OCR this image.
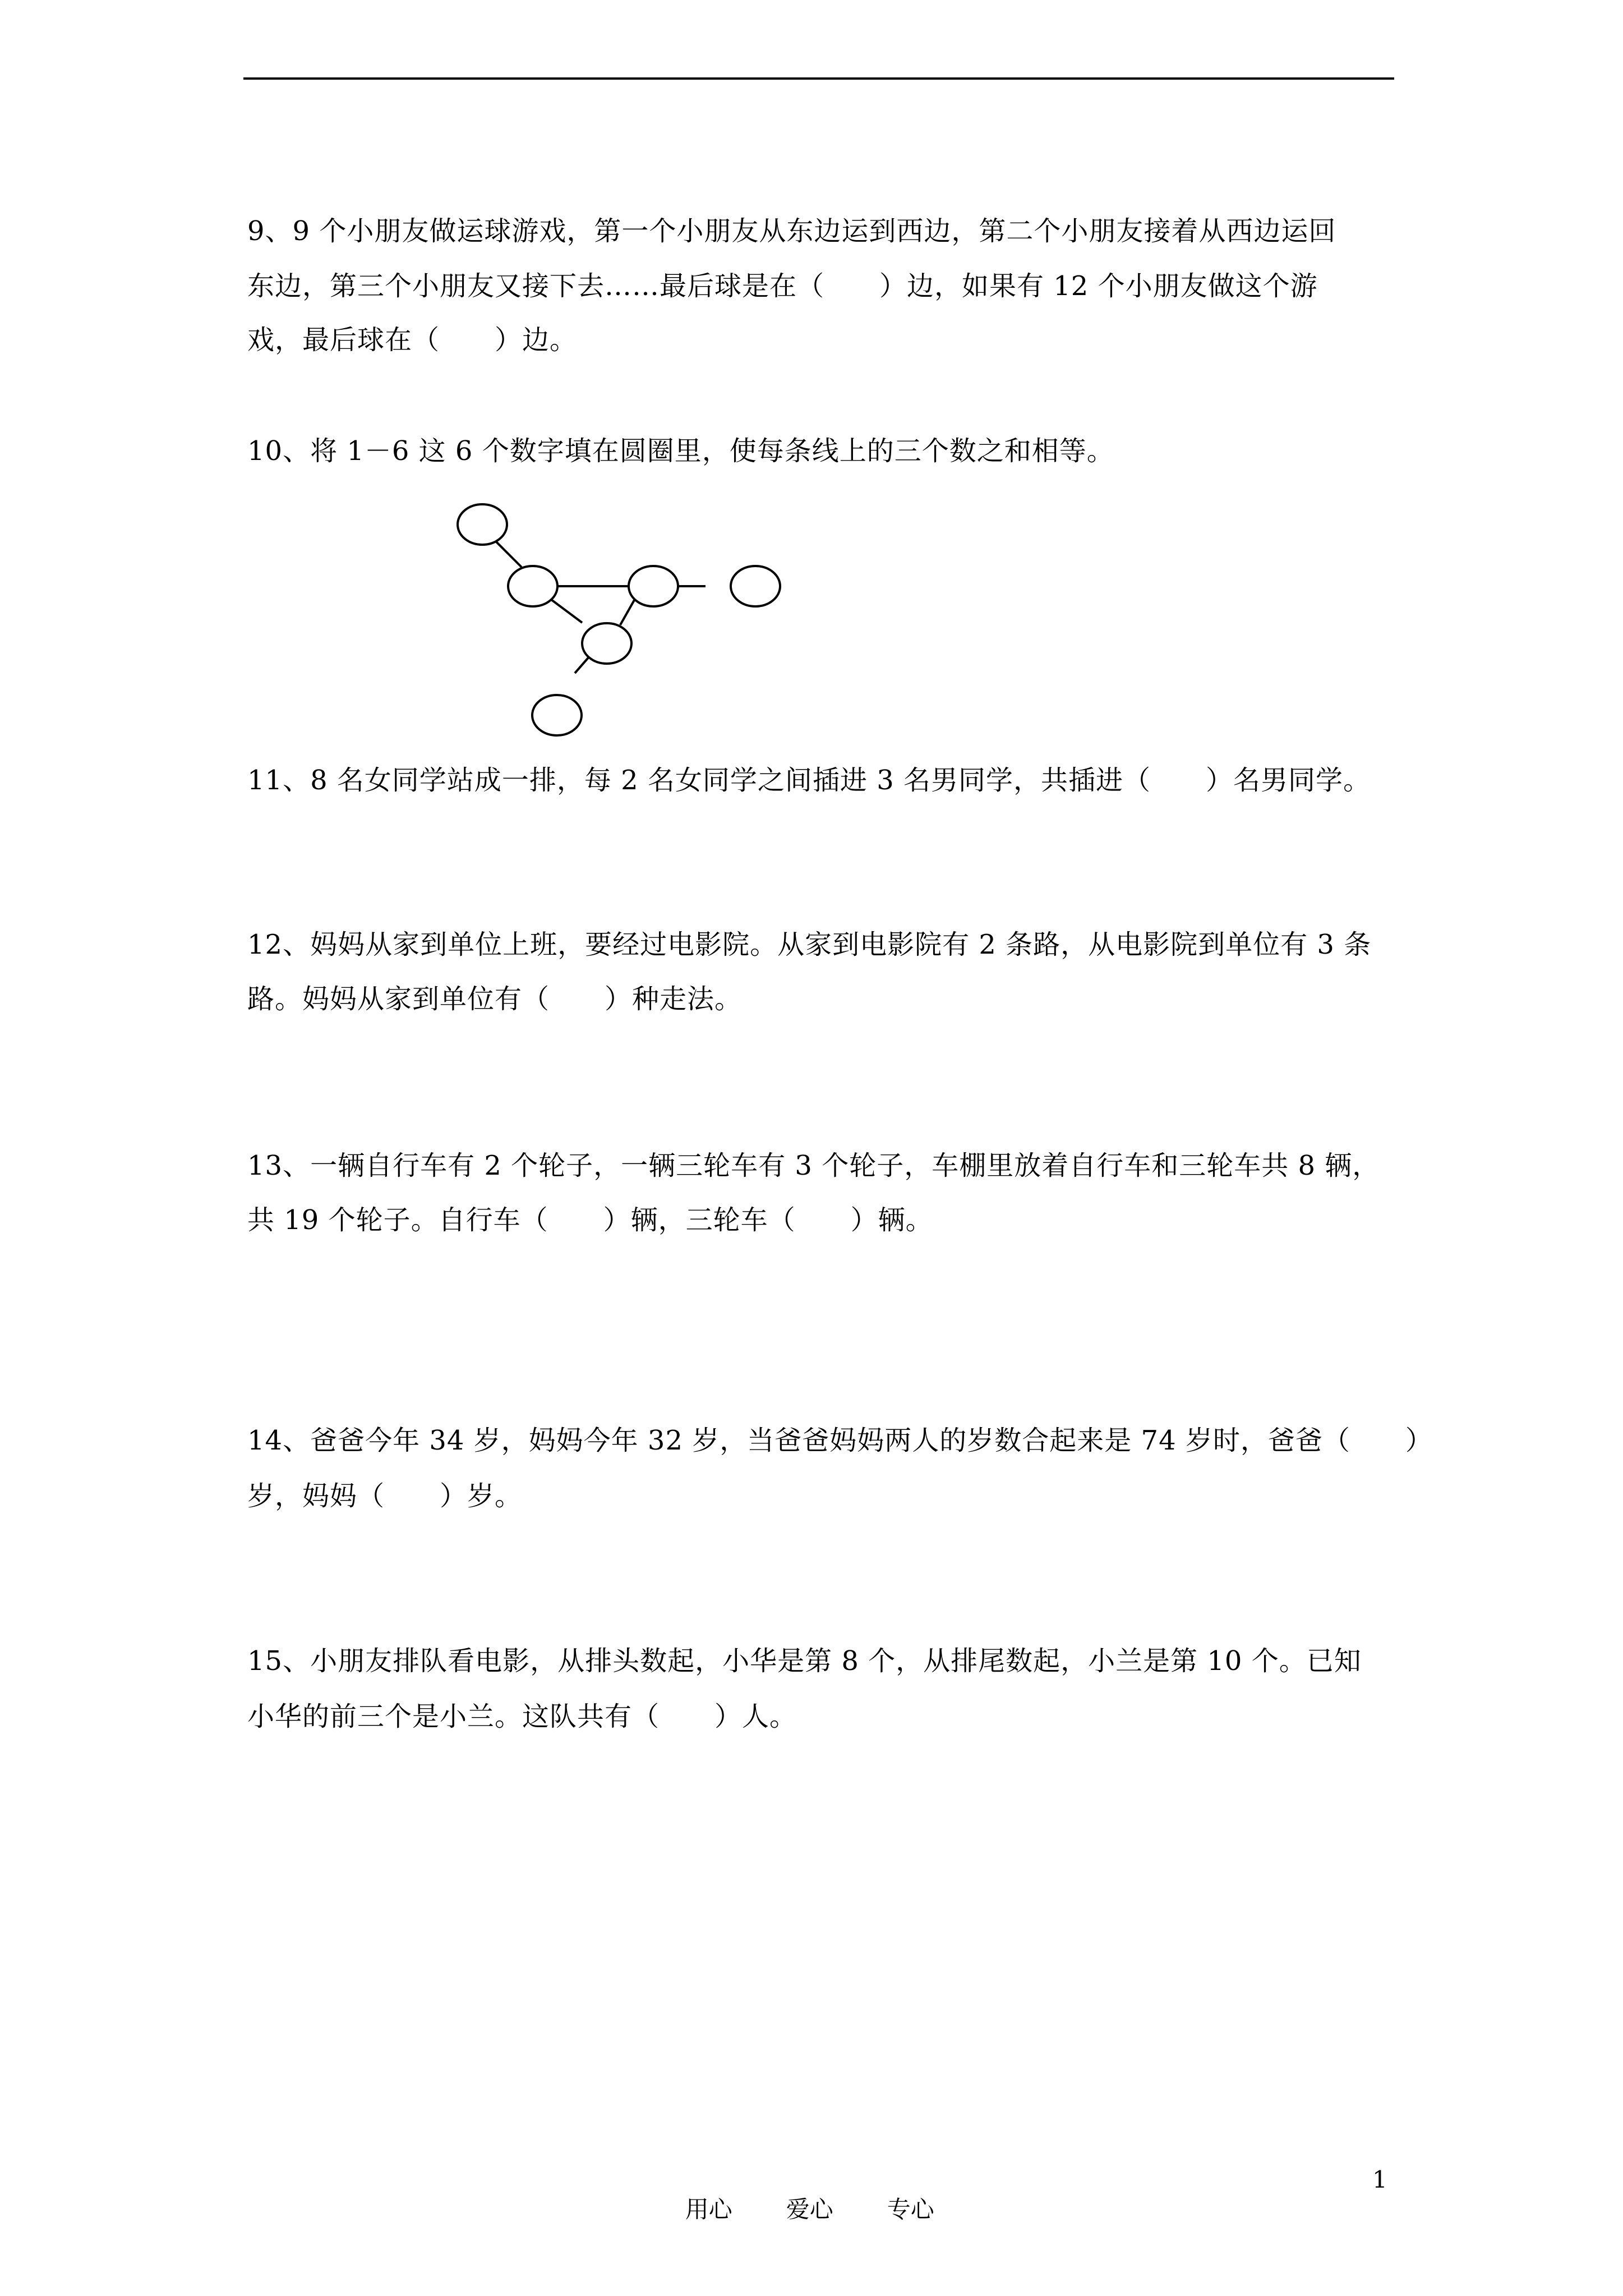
9、9 个小朋友做运球游戏，第一个小朋友从东边运到西边，第二个小朋友接着从西边运回
东边，第三个小朋友又接下去……最后球是在（　　）边，如果有 12 个小朋友做这个游
戏，最后球在（　　）边。
10、将 1－6 这 6 个数字填在圆圈里，使每条线上的三个数之和相等。
11、8 名女同学站成一排，每 2 名女同学之间插进 3 名男同学，共插进（　　）名男同学。
12、妈妈从家到单位上班，要经过电影院。从家到电影院有 2 条路，从电影院到单位有 3 条
路。妈妈从家到单位有（　　）种走法。
13、一辆自行车有 2 个轮子，一辆三轮车有 3 个轮子，车棚里放着自行车和三轮车共 8 辆，
共 19 个轮子。自行车（　　）辆，三轮车（　　）辆。
14、爸爸今年 34 岁，妈妈今年 32 岁，当爸爸妈妈两人的岁数合起来是 74 岁时，爸爸（　　）
岁，妈妈（　　）岁。
15、小朋友排队看电影，从排头数起，小华是第 8 个，从排尾数起，小兰是第 10 个。已知
小华的前三个是小兰。这队共有（　　）人。

用心 爱心 专心

1
